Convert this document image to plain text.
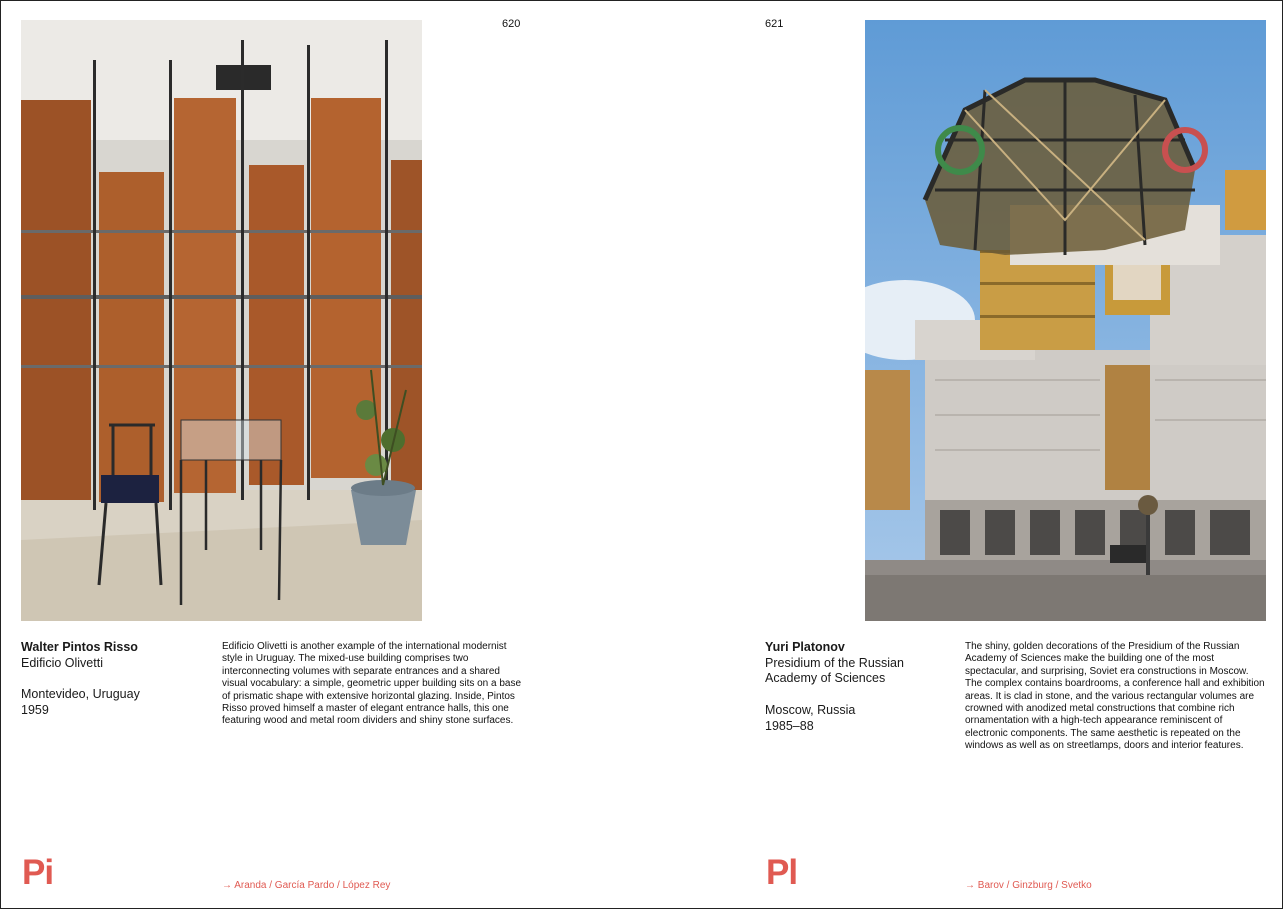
620
Walter Pintos Risso
Edificio Olivetti
Montevideo, Uruguay
1959
Edificio Olivetti is another example of the international modernist style in Uruguay. The mixed-use building comprises two interconnecting volumes with separate entrances and a shared visual vocabulary: a simple, geometric upper building sits on a base of prismatic shape with extensive horizontal glazing. Inside, Pintos Risso proved himself a master of elegant entrance halls, this one featuring wood and metal room dividers and shiny stone surfaces.
Pi	→ Aranda / García Pardo / López Rey
621
Yuri Platonov
Presidium of the Russian
Academy of Sciences
Moscow, Russia
1985–88
The shiny, golden decorations of the Presidium of the Russian Academy of Sciences make the building one of the most spectacular, and surprising, Soviet era constructions in Moscow. The complex contains boardrooms, a conference hall and exhibition areas. It is clad in stone, and the various rectangular volumes are crowned with anodized metal constructions that combine rich ornamentation with a high-tech appearance reminiscent of electronic components. The same aesthetic is repeated on the windows as well as on streetlamps, doors and interior features.
Pl	→ Barov / Ginzburg / Svetko
